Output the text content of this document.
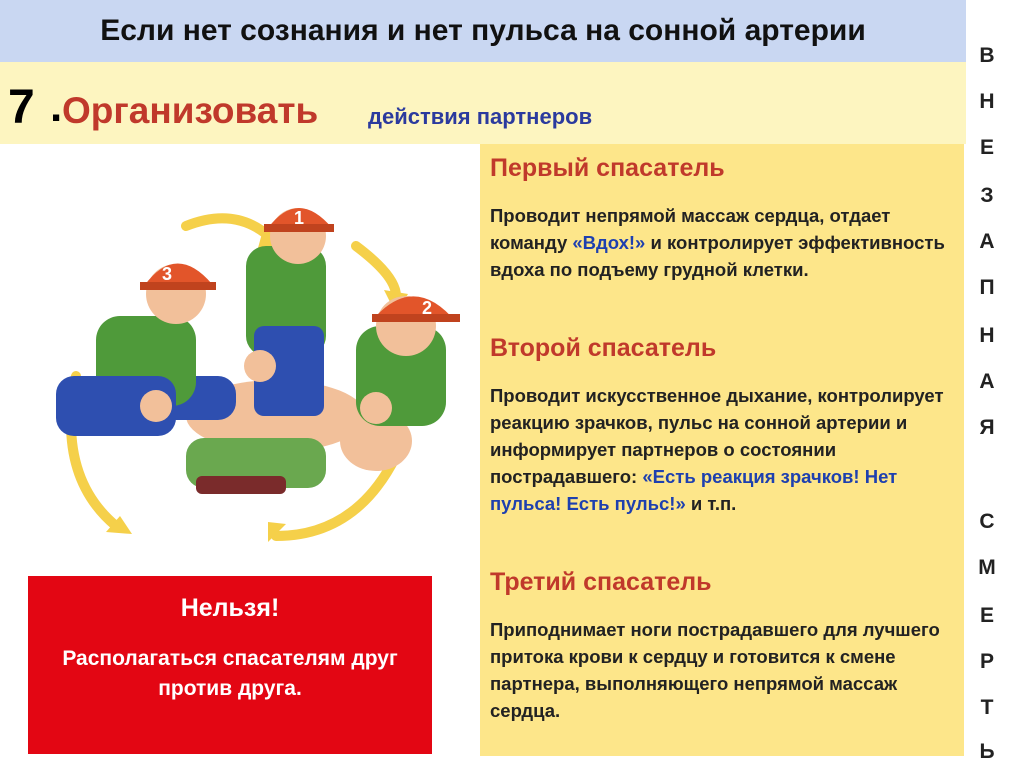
Если нет сознания и нет пульса на сонной артерии
В
Н
Е
З
А
П
Н
А
Я
С
М
Е
Р
Т
Ь
7 . Организовать действия партнеров
1
2
3
Первый спасатель
Проводит непрямой массаж сердца, отдает команду «Вдох!» и контролирует эффективность вдоха по подъему грудной клетки.
Второй спасатель
Проводит искусственное дыхание, контролирует реакцию зрачков, пульс на сонной артерии и информирует партнеров о состоянии пострадавшего: «Есть реакция зрачков! Нет пульса! Есть пульс!» и т.п.
Третий спасатель
Приподнимает ноги пострадавшего для лучшего притока крови к сердцу и готовится к смене партнера, выполняющего непрямой массаж сердца.
Нельзя!
Располагаться спасателям друг против друга.
